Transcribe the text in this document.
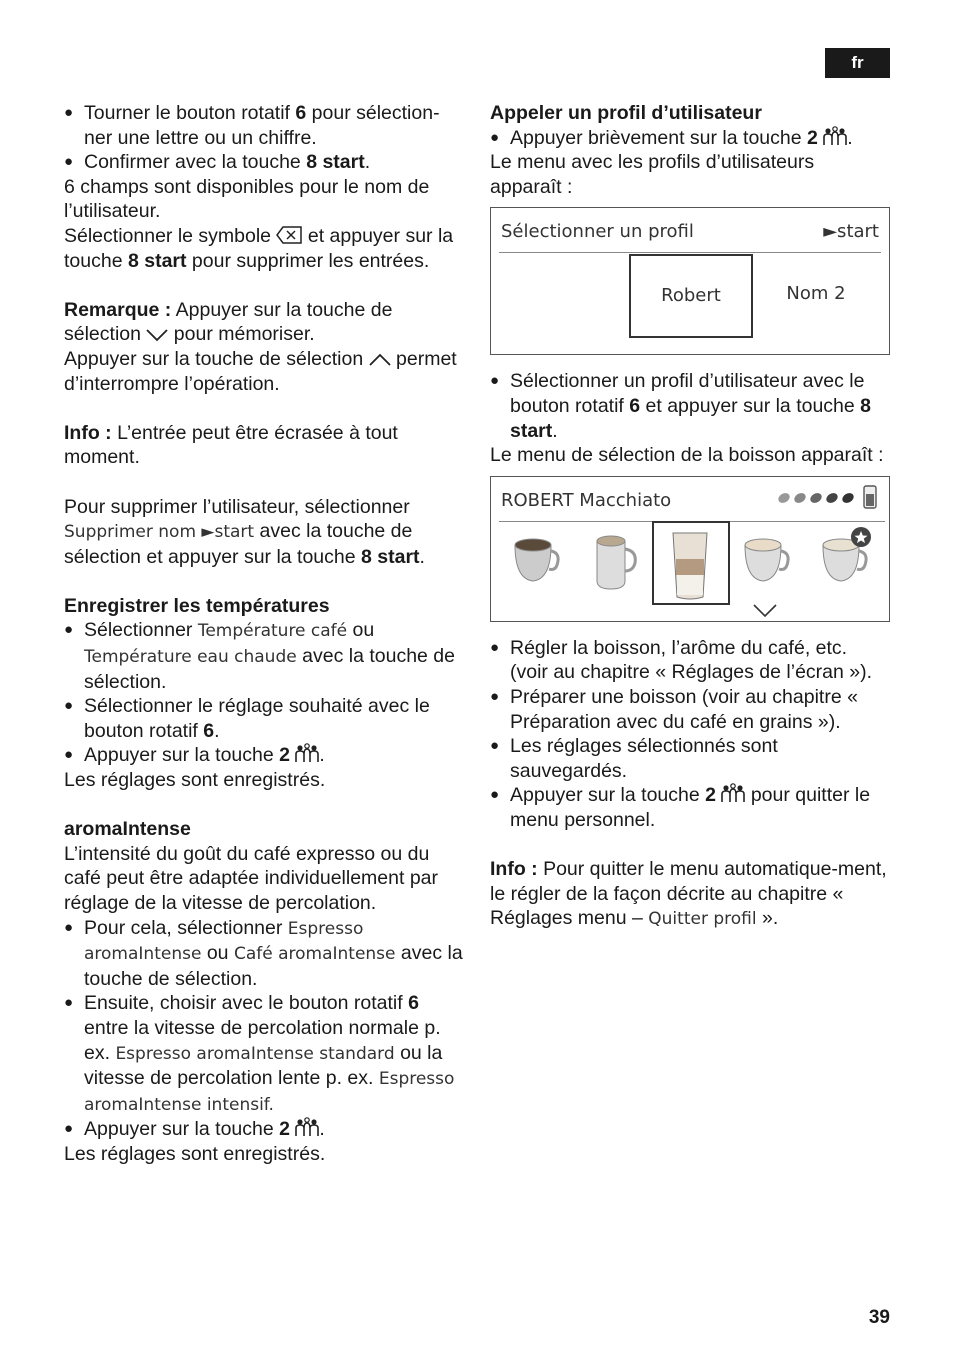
fr

● Tourner le bouton rotatif 6 pour sélection-ner une lettre ou un chiffre.

● Confirmer avec la touche 8 start.

6 champs sont disponibles pour le nom de l’utilisateur.

Sélectionner le symbole  et appuyer sur la touche 8 start pour supprimer les entrées.

Remarque : Appuyer sur la touche de sélection  pour mémoriser.

Appuyer sur la touche de sélection  permet d’interrompre l’opération.

Info : L’entrée peut être écrasée à tout moment.

Pour supprimer l’utilisateur, sélectionner Supprimer nom ►start avec la touche de sélection et appuyer sur la touche 8 start.

Enregistrer les températures

● Sélectionner Température café ou Température eau chaude avec la touche de sélection.

● Sélectionner le réglage souhaité avec le bouton rotatif 6.

● Appuyer sur la touche 2 .

Les réglages sont enregistrés.

aromaIntense

L’intensité du goût du café expresso ou du café peut être adaptée individuellement par réglage de la vitesse de percolation.

● Pour cela, sélectionner Espresso aromaIntense ou Café aromaIntense avec la touche de sélection.

● Ensuite, choisir avec le bouton rotatif 6 entre la vitesse de percolation normale p. ex. Espresso aromaIntense standard ou la vitesse de percolation lente p. ex. Espresso aromaIntense intensif.

● Appuyer sur la touche 2 .

Les réglages sont enregistrés.

Appeler un profil d’utilisateur

● Appuyer brièvement sur la touche 2 .

Le menu avec les profils d’utilisateurs apparaît :

Sélectionner un profil	►start
Robert	Nom 2

● Sélectionner un profil d’utilisateur avec le bouton rotatif 6 et appuyer sur la touche 8 start.

Le menu de sélection de la boisson apparaît :

ROBERT Macchiato

● Régler la boisson, l’arôme du café, etc. (voir au chapitre « Réglages de l’écran »).

● Préparer une boisson (voir au chapitre « Préparation avec du café en grains »).

● Les réglages sélectionnés sont sauvegardés.

● Appuyer sur la touche 2  pour quitter le menu personnel.

Info : Pour quitter le menu automatique-ment, le régler de la façon décrite au chapitre « Réglages menu – Quitter profil ».

39
